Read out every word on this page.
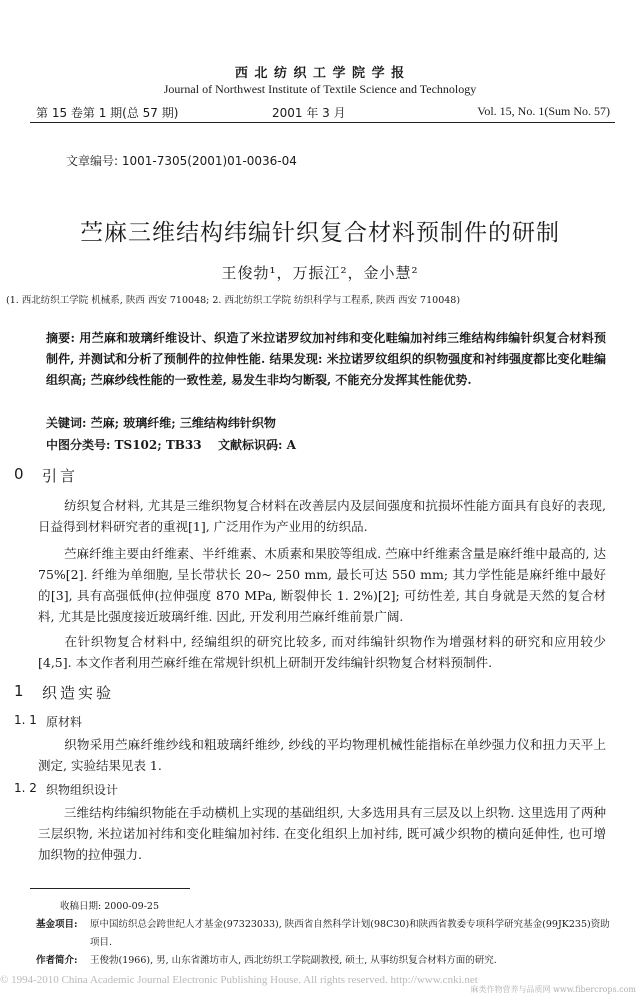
西 北 纺 织 工 学 院 学 报
Journal of Northwest Institute of Textile Science and Technology
第 15 卷第 1 期(总 57 期)	2001 年 3 月	Vol. 15, No. 1(Sum No. 57)
文章编号: 1001-7305(2001)01-0036-04
苎麻三维结构纬编针织复合材料预制件的研制
王俊勃¹，万振江²，金小慧²
(1. 西北纺织工学院 机械系, 陕西 西安 710048; 2. 西北纺织工学院 纺织科学与工程系, 陕西 西安 710048)
摘要: 用苎麻和玻璃纤维设计、织造了米拉诺罗纹加衬纬和变化畦编加衬纬三维结构纬编针织复合材料预制件, 并测试和分析了预制件的拉伸性能. 结果发现: 米拉诺罗纹组织的织物强度和衬纬强度都比变化畦编组织高; 苎麻纱线性能的一致性差, 易发生非均匀断裂, 不能充分发挥其性能优势.
关键词: 苎麻; 玻璃纤维; 三维结构纬针织物
中图分类号: TS102; TB33 文献标识码: A
0 引言
纺织复合材料, 尤其是三维织物复合材料在改善层内及层间强度和抗损坏性能方面具有良好的表现, 日益得到材料研究者的重视[1], 广泛用作为产业用的纺织品.
苎麻纤维主要由纤维素、半纤维素、木质素和果胶等组成. 苎麻中纤维素含量是麻纤维中最高的, 达 75%[2]. 纤维为单细胞, 呈长带状长 20~ 250 mm, 最长可达 550 mm; 其力学性能是麻纤维中最好的[3], 具有高强低伸(拉伸强度 870 MPa, 断裂伸长 1. 2%)[2]; 可纺性差, 其自身就是天然的复合材料, 尤其是比强度接近玻璃纤维. 因此, 开发利用苎麻纤维前景广阔.
在针织物复合材料中, 经编组织的研究比较多, 而对纬编针织物作为增强材料的研究和应用较少[4,5]. 本文作者利用苎麻纤维在常规针织机上研制开发纬编针织物复合材料预制件.
1 织造实验
1. 1 原材料
织物采用苎麻纤维纱线和粗玻璃纤维纱, 纱线的平均物理机械性能指标在单纱强力仪和扭力天平上测定, 实验结果见表 1.
1. 2 织物组织设计
三维结构纬编织物能在手动横机上实现的基础组织, 大多选用具有三层及以上织物. 这里选用了两种三层织物, 米拉诺加衬纬和变化畦编加衬纬. 在变化组织上加衬纬, 既可减少织物的横向延伸性, 也可增加织物的拉伸强力.
收稿日期: 2000-09-25
基金项目: 原中国纺织总会跨世纪人才基金(97323033), 陕西省自然科学计划(98C30)和陕西省教委专项科学研究基金(99JK235)资助项目.
作者简介: 王俊勃(1966), 男, 山东省潍坊市人, 西北纺织工学院副教授, 硕士, 从事纺织复合材料方面的研究.
© 1994-2010 China Academic Journal Electronic Publishing House. All rights reserved. http://www.cnki.net
麻类作物营养与品质网 www.fibercrops.com
